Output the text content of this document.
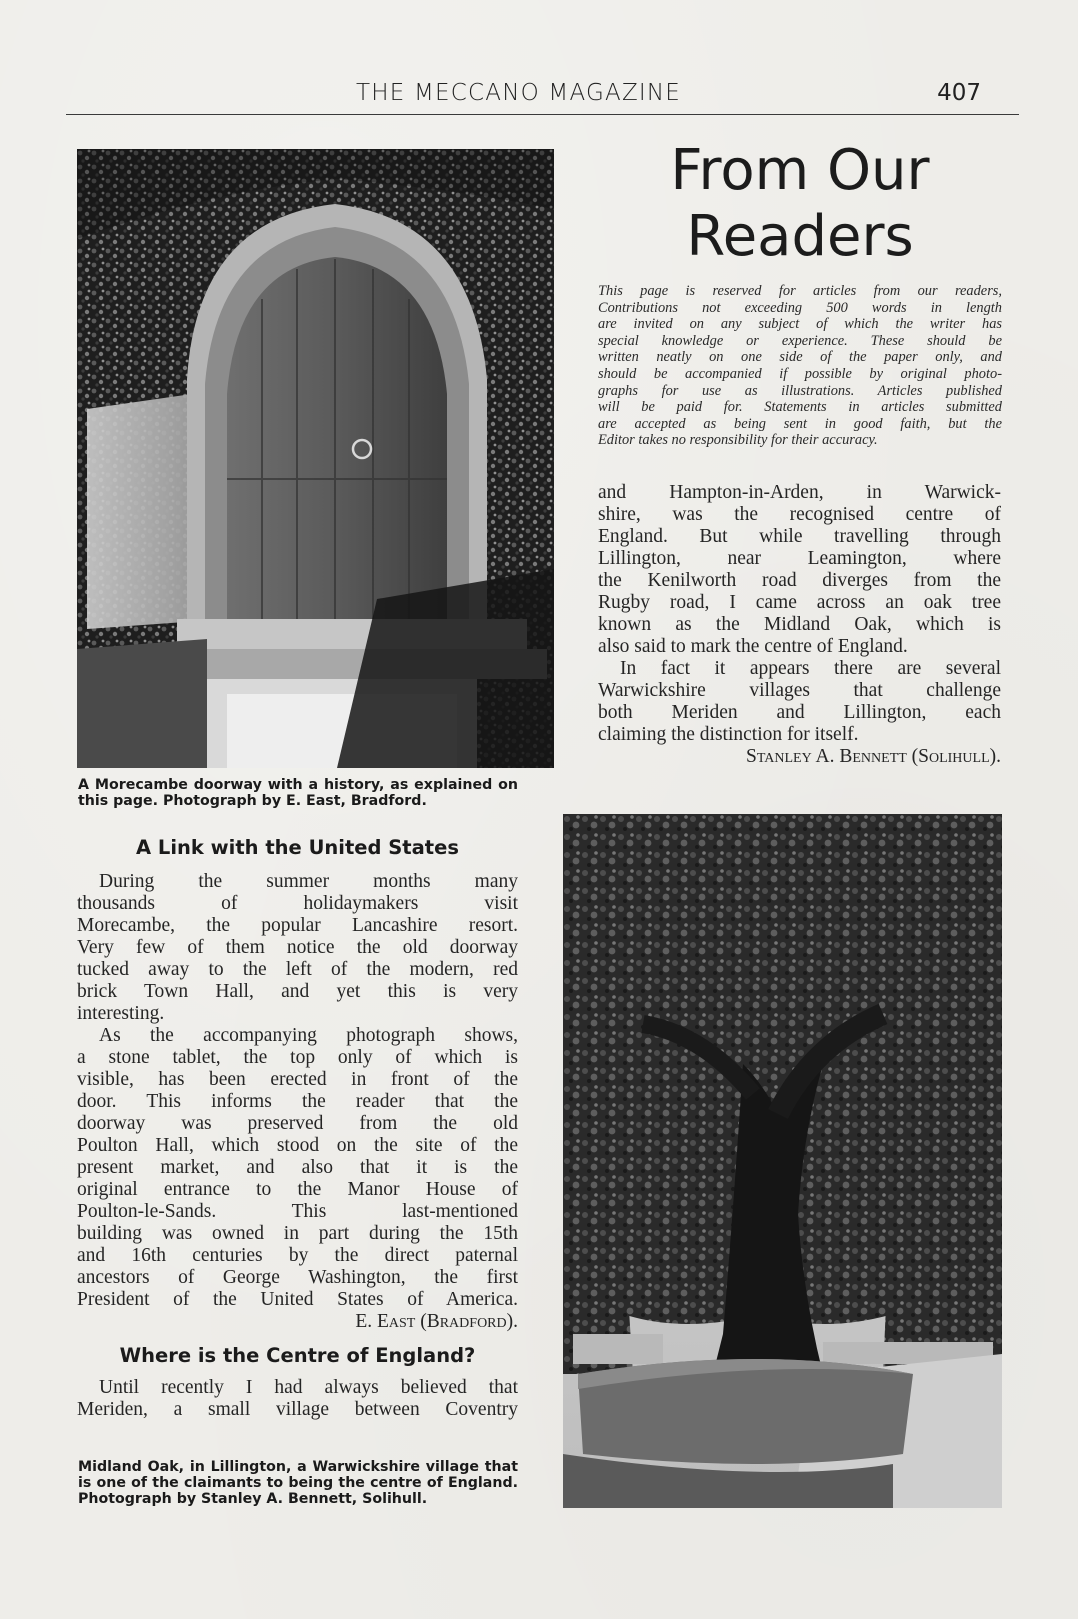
THE MECCANO MAGAZINE	407
A Morecambe doorway with a history, as explained on this page. Photograph by E. East, Bradford.
From Our
Readers
This page is reserved for articles from our readers,
Contributions not exceeding 500 words in length
are invited on any subject of which the writer has
special knowledge or experience. These should be
written neatly on one side of the paper only, and
should be accompanied if possible by original photo-
graphs for use as illustrations. Articles published
will be paid for. Statements in articles submitted
are accepted as being sent in good faith, but the
Editor takes no responsibility for their accuracy.
and Hampton-in-Arden, in Warwick-
shire, was the recognised centre of
England. But while travelling through
Lillington, near Leamington, where
the Kenilworth road diverges from the
Rugby road, I came across an oak tree
known as the Midland Oak, which is
also said to mark the centre of England.
In fact it appears there are several
Warwickshire villages that challenge
both Meriden and Lillington, each
claiming the distinction for itself.
Stanley A. Bennett (Solihull).
A Link with the United States
During the summer months many
thousands of holidaymakers visit
Morecambe, the popular Lancashire resort.
Very few of them notice the old doorway
tucked away to the left of the modern, red
brick Town Hall, and yet this is very
interesting.
As the accompanying photograph shows,
a stone tablet, the top only of which is
visible, has been erected in front of the
door. This informs the reader that the
doorway was preserved from the old
Poulton Hall, which stood on the site of the
present market, and also that it is the
original entrance to the Manor House of
Poulton-le-Sands. This last-mentioned
building was owned in part during the 15th
and 16th centuries by the direct paternal
ancestors of George Washington, the first
President of the United States of America.
E. East (Bradford).
Where is the Centre of England?
Until recently I had always believed that
Meriden, a small village between Coventry
Midland Oak, in Lillington, a Warwickshire village that is one of the claimants to being the centre of England. Photograph by Stanley A. Bennett, Solihull.
